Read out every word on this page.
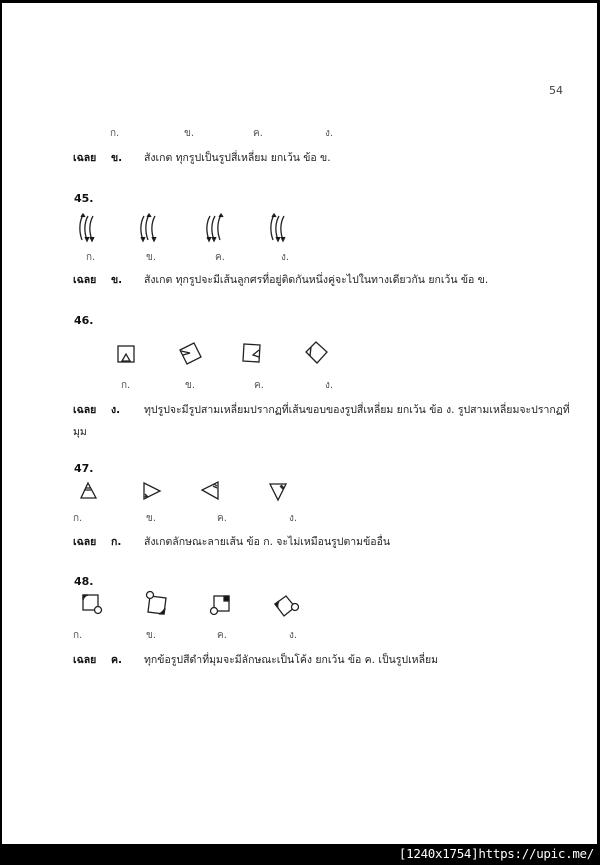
54
ก.	ข.	ค.	ง.
เฉลย ข. สังเกต ทุกรูปเป็นรูปสี่เหลี่ยม ยกเว้น ข้อ ข.
45.
ก.	ข.	ค.	ง.
เฉลย ข. สังเกต ทุกรูปจะมีเส้นลูกศรที่อยู่ติดกันหนึ่งคู่จะไปในทางเดียวกัน ยกเว้น ข้อ ข.
46.
ก.	ข.	ค.	ง.
เฉลย ง. ทุปรูปจะมีรูปสามเหลี่ยมปรากฏที่เส้นขอบของรูปสี่เหลี่ยม ยกเว้น ข้อ ง. รูปสามเหลี่ยมจะปรากฏที่
มุม
47.
ก.	ข.	ค.	ง.
เฉลย ก. สังเกตลักษณะลายเส้น ข้อ ก. จะไม่เหมือนรูปตามข้ออื่น
48.
ก.	ข.	ค.	ง.
เฉลย ค. ทุกข้อรูปสีดำที่มุมจะมีลักษณะเป็นโค้ง ยกเว้น ข้อ ค. เป็นรูปเหลี่ยม
[1240x1754]https://upic.me/
